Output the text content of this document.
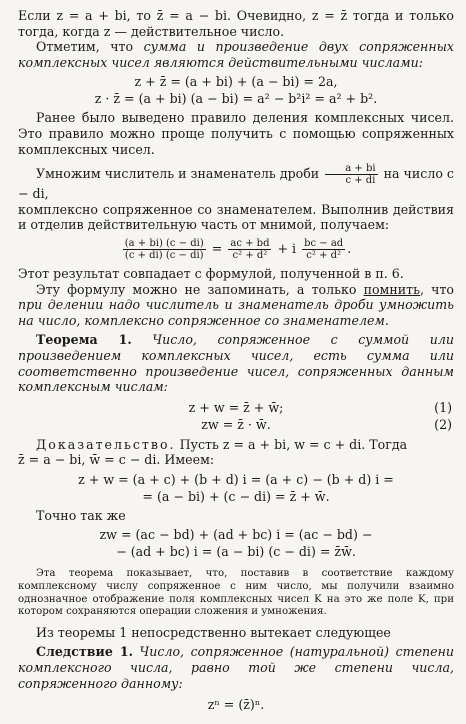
Если z = a + bi, то z̄ = a − bi. Очевидно, z = z̄ тогда и только тогда, когда z — действительное число.

Отметим, что сумма и произведение двух сопряженных комплексных чисел являются действительными числами:

z + z̄ = (a + bi) + (a − bi) = 2a,
z · z̄ = (a + bi) (a − bi) = a² − b²i² = a² + b².

Ранее было выведено правило деления комплексных чисел. Это правило можно проще получить с помощью сопряженных комплексных чисел.

Умножим числитель и знаменатель дроби $\frac{a + bi}{c + di}$ на число c − di,

комплексно сопряженное со знаменателем. Выполнив действия и отделив действительную часть от мнимой, получаем:

$\frac{(a + bi) (c - di)}{(c + di) (c - di)} = \frac{ac + bd}{\text{c² + d²}} + i \frac{bc - ad}{\text{c² + d²}}$ .

Этот результат совпадает с формулой, полученной в п. 6.

Эту формулу можно не запоминать, а только помнить, что при делении надо числитель и знаменатель дроби умножить на число, комплексно сопряженное со знаменателем.

Теорема 1. Число, сопряженное с суммой или произведением комплексных чисел, есть сумма или соответственно произведение чисел, сопряженных данным комплексным числам:

z + w = z̄ + w̄;	(1)
zw = z̄ · w̄.	(2)

Доказательство. Пусть z = a + bi, w = c + di. Тогда

z̄ = a − bi, w̄ = c − di. Имеем:

z + w = (a + c) + (b + d) i = (a + c) − (b + d) i =
= (a − bi) + (c − di) = z̄ + w̄.

Точно так же

zw = (ac − bd) + (ad + bc) i = (ac − bd) −
− (ad + bc) i = (a − bi) (c − di) = z̄w̄.

Эта теорема показывает, что, поставив в соответствие каждому комплексному числу сопряженное с ним число, мы получили взаимно однозначное отображение поля комплексных чисел K на это же поле K, при котором сохраняются операции сложения и умножения.

Из теоремы 1 непосредственно вытекает следующее

Следствие 1. Число, сопряженное (натуральной) степени комплексного числа, равно той же степени числа, сопряженного данному:

zⁿ = (z̄)ⁿ.
